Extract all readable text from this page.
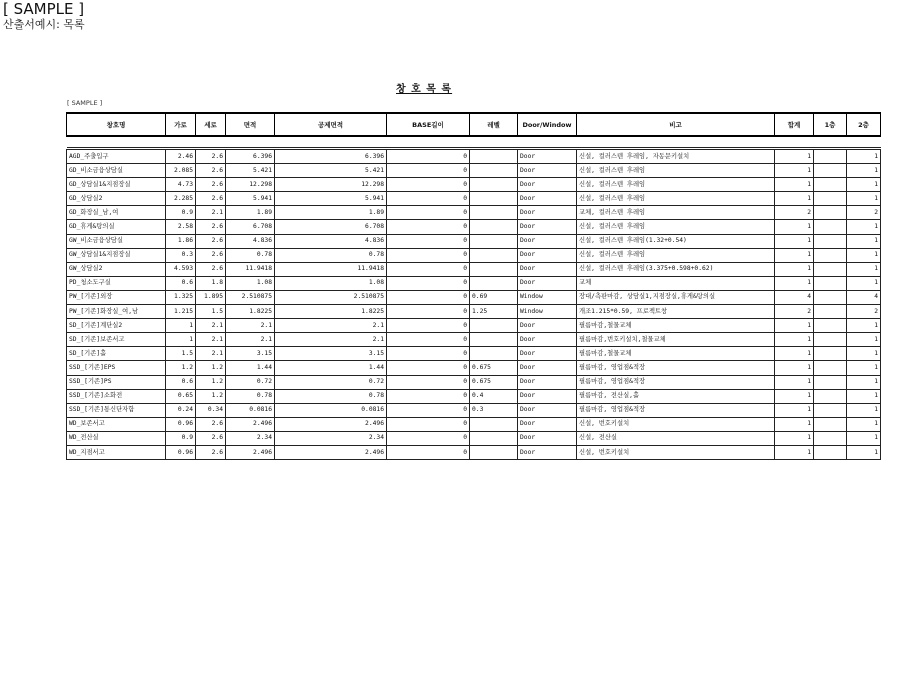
[ SAMPLE ]
산출서예시: 목록
창 호 목 록
[ SAMPLE ]
창호명	가로	세로	면적	공제면적	BASE길이	레벨	Door/Window	비고	합계	1층	2층

AGD_주출입구	2.46	2.6	6.396	6.396	0		Door	신설, 컬러스텐 후레임, 자동문키설치	1		1
GD_비소금융상담실	2.085	2.6	5.421	5.421	0		Door	신설, 컬러스텐 후레임	1		1
GD_상담실1&지점장실	4.73	2.6	12.298	12.298	0		Door	신설, 컬러스텐 후레임	1		1
GD_상담실2	2.285	2.6	5.941	5.941	0		Door	신설, 컬러스텐 후레임	1		1
GD_화장실_남,여	0.9	2.1	1.89	1.89	0		Door	교체, 컬러스텐 후레임	2		2
GD_휴게&탕의실	2.58	2.6	6.708	6.708	0		Door	신설, 컬러스텐 후레임	1		1
GW_비소금융상담실	1.86	2.6	4.836	4.836	0		Door	신설, 컬러스텐 후레임(1.32+0.54)	1		1
GW_상담실1&지점장실	0.3	2.6	0.78	0.78	0		Door	신설, 컬러스텐 후레임	1		1
GW_상담실2	4.593	2.6	11.9418	11.9418	0		Door	신설, 컬러스텐 후레임(3.375+0.598+0.62)	1		1
PD_청소도구실	0.6	1.8	1.08	1.08	0		Door	교체	1		1
PW_[기존]외장	1.325	1.895	2.510875	2.510875	0	0.69	Window	장대/측판마감, 상담실1,지점장실,휴게&탕의실	4		4
PW_[기존]화장실_여,남	1.215	1.5	1.8225	1.8225	0	1.25	Window	개조1.215*0.59, 프로젝트창	2		2
SD_[기존]계단실2	1	2.1	2.1	2.1	0		Door	필름마감,철물교체	1		1
SD_[기존]보존서고	1	2.1	2.1	2.1	0		Door	필름마감,번호키설치,철물교체	1		1
SD_[기존]홀	1.5	2.1	3.15	3.15	0		Door	필름마감,철물교체	1		1
SSD_[기존]EPS	1.2	1.2	1.44	1.44	0	0.675	Door	필름마감, 영업점&적장	1		1
SSD_[기존]PS	0.6	1.2	0.72	0.72	0	0.675	Door	필름마감, 영업점&적장	1		1
SSD_[기존]소화전	0.65	1.2	0.78	0.78	0	0.4	Door	필름마감, 전산실,홀	1		1
SSD_[기존]통신단자함	0.24	0.34	0.0816	0.0816	0	0.3	Door	필름마감, 영업점&적장	1		1
WD_보존서고	0.96	2.6	2.496	2.496	0		Door	신설, 번호키설치	1		1
WD_전산실	0.9	2.6	2.34	2.34	0		Door	신설, 전산실	1		1
WD_지점서고	0.96	2.6	2.496	2.496	0		Door	신설, 번호키설치	1		1
